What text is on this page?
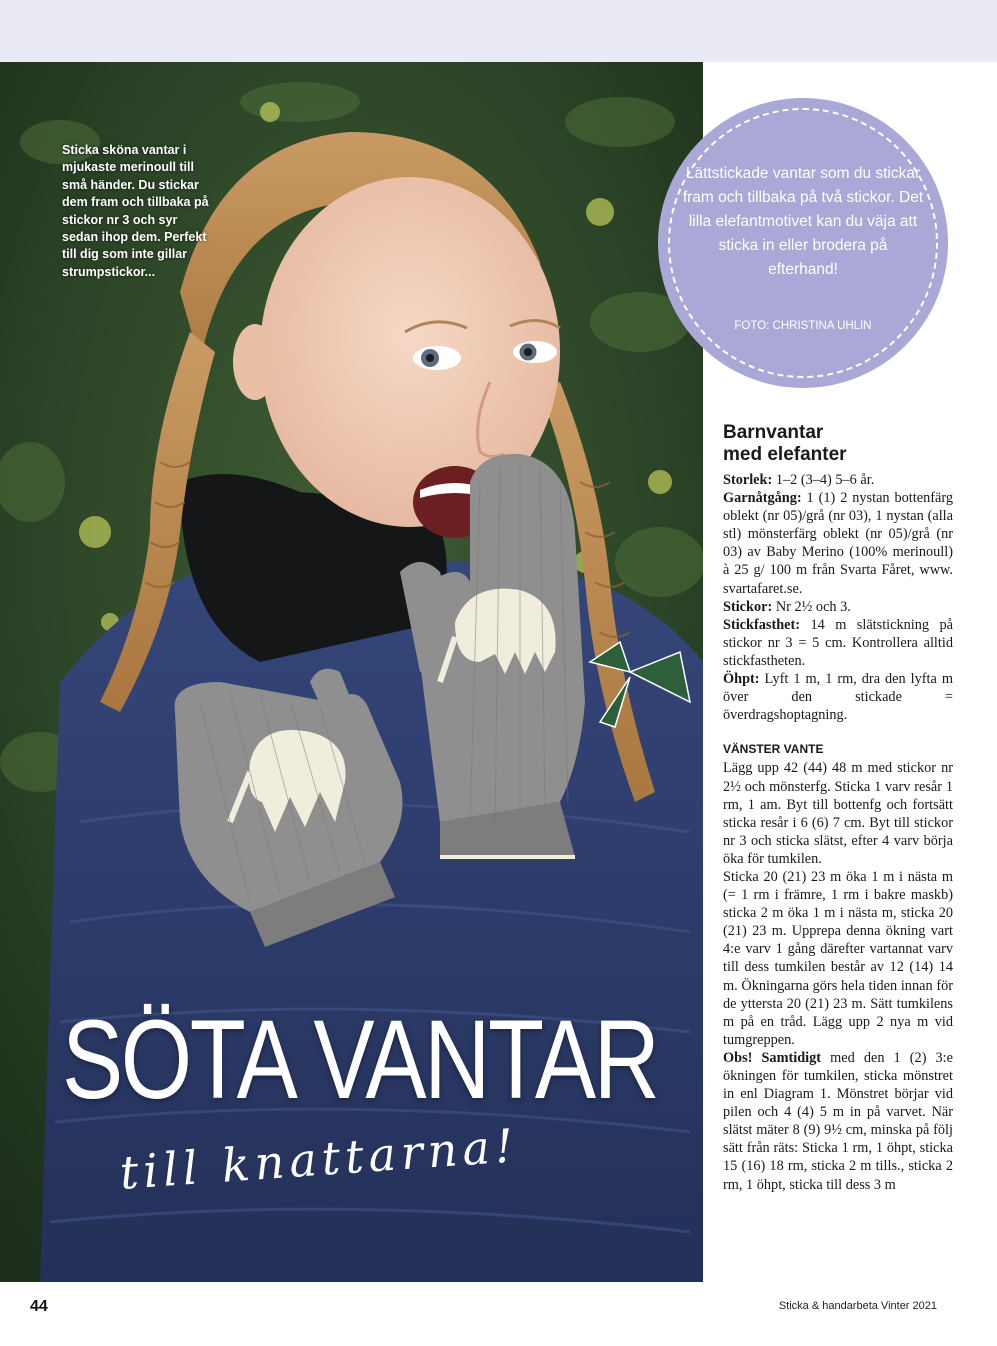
Sticka sköna vantar i mjukaste merinoull till små händer. Du stickar dem fram och tillbaka på stickor nr 3 och syr sedan ihop dem. Perfekt till dig som inte gillar strumpstickor...
SÖTA VANTAR
till knattarna!
Lättstickade vantar som du stickar fram och tillbaka på två stickor. Det lilla elefantmotivet kan du väja att sticka in eller brodera på efterhand!
FOTO: CHRISTINA UHLIN
Barnvantar
med elefanter

Storlek: 1–2 (3–4) 5–6 år.

Garnåtgång: 1 (1) 2 nystan bottenfärg oblekt (nr 05)/grå (nr 03), 1 nystan (alla stl) mönsterfärg oblekt (nr 05)/grå (nr 03) av Baby Merino (100% merinoull) à 25 g/ 100 m från Svarta Fåret, www. svartafaret.se.

Stickor: Nr 2½ och 3.

Stickfasthet: 14 m slätstickning på stickor nr 3 = 5 cm. Kontrollera alltid stickfastheten.

Öhpt: Lyft 1 m, 1 rm, dra den lyfta m över den stickade = överdragshoptagning.

VÄNSTER VANTE

Lägg upp 42 (44) 48 m med stickor nr 2½ och mönsterfg. Sticka 1 varv resår 1 rm, 1 am. Byt till bottenfg och fortsätt sticka resår i 6 (6) 7 cm. Byt till stickor nr 3 och sticka slätst, efter 4 varv börja öka för tumkilen.

Sticka 20 (21) 23 m öka 1 m i nästa m (= 1 rm i främre, 1 rm i bakre maskb) sticka 2 m öka 1 m i nästa m, sticka 20 (21) 23 m. Upprepa denna ökning vart 4:e varv 1 gång därefter vartannat varv till dess tumkilen består av 12 (14) 14 m. Ökningarna görs hela tiden innan för de yttersta 20 (21) 23 m. Sätt tumkilens m på en tråd. Lägg upp 2 nya m vid tumgreppen.

Obs! Samtidigt med den 1 (2) 3:e ökningen för tumkilen, sticka mönstret in enl Diagram 1. Mönstret börjar vid pilen och 4 (4) 5 m in på varvet. När slätst mäter 8 (9) 9½ cm, minska på följ sätt från räts: Sticka 1 rm, 1 öhpt, sticka 15 (16) 18 rm, sticka 2 m tills., sticka 2 rm, 1 öhpt, sticka till dess 3 m

44	Sticka & handarbeta Vinter 2021
